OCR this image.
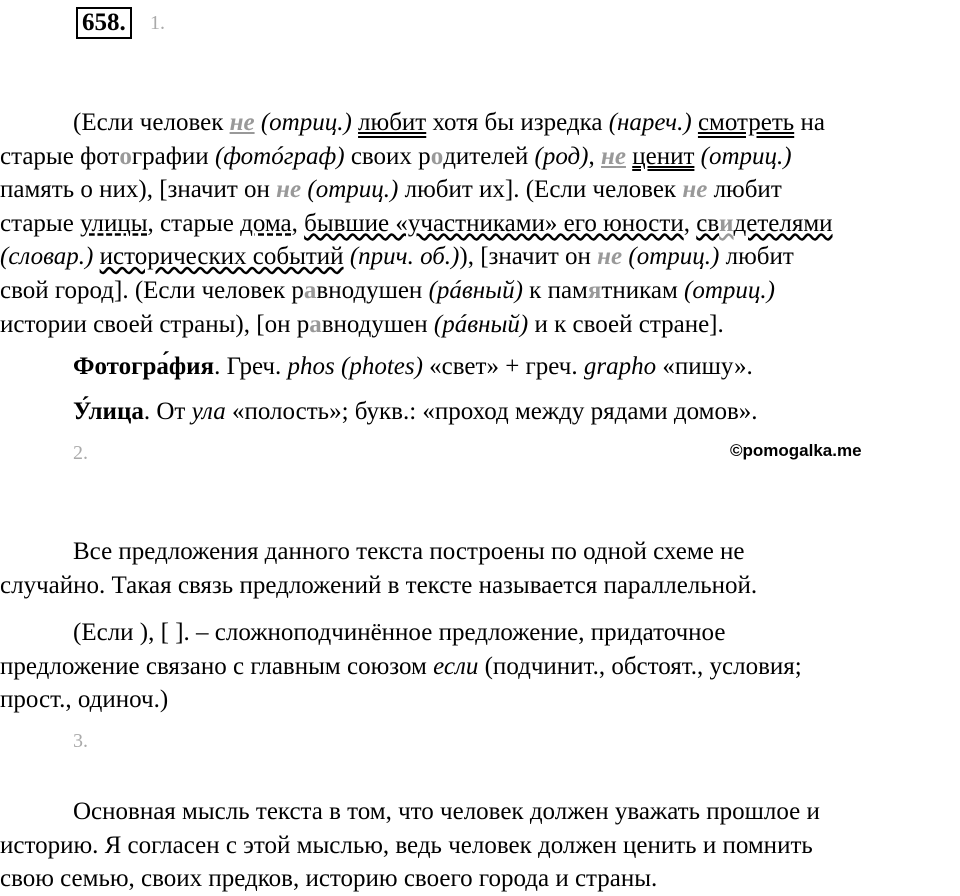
658.	1.
(Если человек не (отриц.) любит хотя бы изредка (нареч.) смотреть на
старые фотографии (фотóграф) своих родителей (род), не ценит (отриц.)
память о них), [значит он не (отриц.) любит их]. (Если человек не любит
старые улицы, старые дома, бывшие «участниками» его юности, свидетелями
(словар.) исторических событий (прич. об.)), [значит он не (отриц.) любит
свой город]. (Если человек равнодушен (рáвный) к памятникам (отриц.)
истории своей страны), [он равнодушен (рáвный) и к своей стране].
Фотогра́фия. Греч. phos (photes) «свет» + греч. grapho «пишу».
У́лица. От ула «полость»; букв.: «проход между рядами домов».
2.	©pomogalka.me
Все предложения данного текста построены по одной схеме не
случайно. Такая связь предложений в тексте называется параллельной.
(Если ), [ ]. – сложноподчинённое предложение, придаточное
предложение связано с главным союзом если (подчинит., обстоят., условия;
прост., одиноч.)
3.
Основная мысль текста в том, что человек должен уважать прошлое и
историю. Я согласен с этой мыслью, ведь человек должен ценить и помнить
свою семью, своих предков, историю своего города и страны.
